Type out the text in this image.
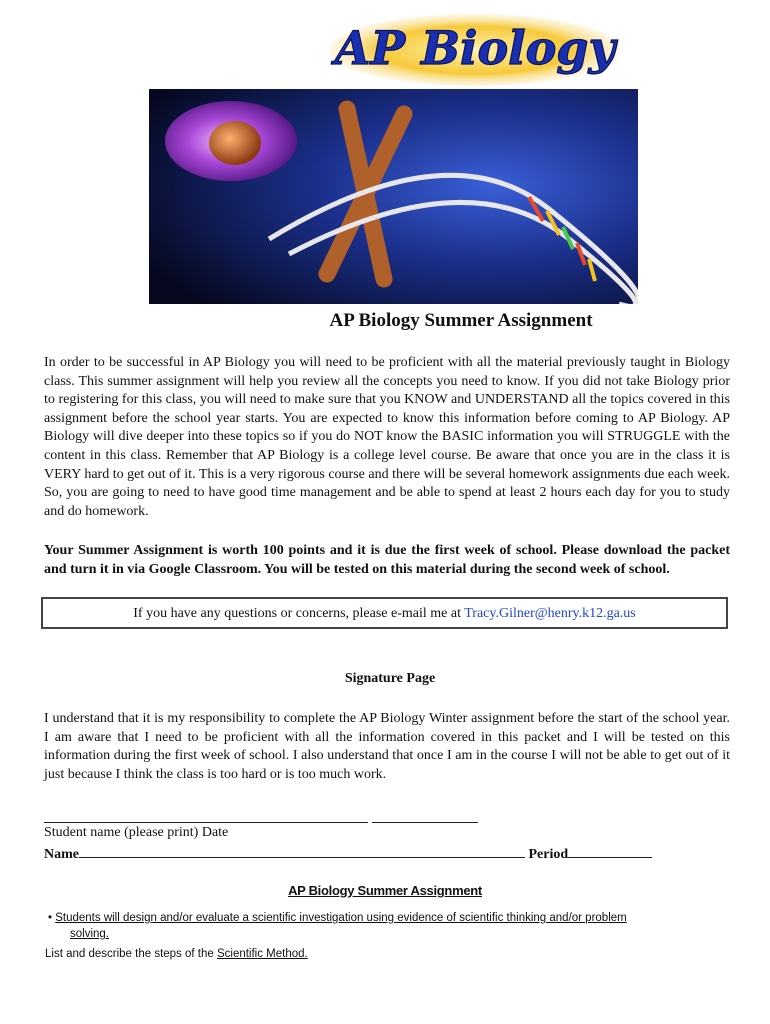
AP Biology
AP Biology Summer Assignment

In order to be successful in AP Biology you will need to be proficient with all the material previously taught in Biology class. This summer assignment will help you review all the concepts you need to know. If you did not take Biology prior to registering for this class, you will need to make sure that you KNOW and UNDERSTAND all the topics covered in this assignment before the school year starts. You are expected to know this information before coming to AP Biology. AP Biology will dive deeper into these topics so if you do NOT know the BASIC information you will STRUGGLE with the content in this class. Remember that AP Biology is a college level course. Be aware that once you are in the class it is VERY hard to get out of it. This is a very rigorous course and there will be several homework assignments due each week. So, you are going to need to have good time management and be able to spend at least 2 hours each day for you to study and do homework.

Your Summer Assignment is worth 100 points and it is due the first week of school. Please download the packet and turn it in via Google Classroom. You will be tested on this material during the second week of school.

If you have any questions or concerns, please e-mail me at Tracy.Gilner@henry.k12.ga.us
Signature Page

I understand that it is my responsibility to complete the AP Biology Winter assignment before the start of the school year. I am aware that I need to be proficient with all the information covered in this packet and I will be tested on this information during the first week of school. I also understand that once I am in the course I will not be able to get out of it just because I think the class is too hard or is too much work.

Student name (please print) Date
Name	Period
AP Biology Summer Assignment
• Students will design and/or evaluate a scientific investigation using evidence of scientific thinking and/or problem
solving.
List and describe the steps of the Scientific Method.
